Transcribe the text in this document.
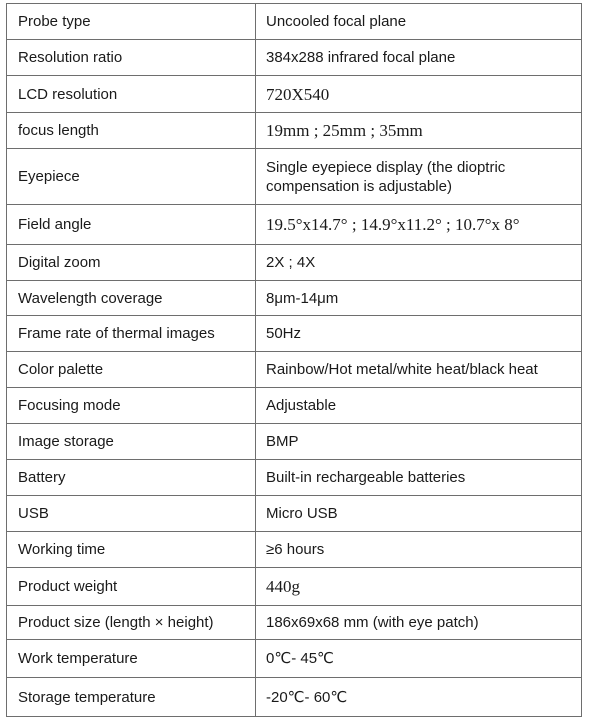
Probe type	Uncooled focal plane
Resolution ratio	384x288 infrared focal plane
LCD resolution	720X540
focus length	19mm ; 25mm ; 35mm
Eyepiece	Single eyepiece display (the dioptric compensation is adjustable)
Field angle	19.5°x14.7° ; 14.9°x11.2° ; 10.7°x 8°
Digital zoom	2X ; 4X
Wavelength coverage	8μm-14μm
Frame rate of thermal images	50Hz
Color palette	Rainbow/Hot metal/white heat/black heat
Focusing mode	Adjustable
Image storage	BMP
Battery	Built-in rechargeable batteries
USB	Micro USB
Working time	≥6 hours
Product weight	440g
Product size (length × height)	186x69x68 mm (with eye patch)
Work temperature	0℃- 45℃
Storage temperature	-20℃- 60℃
